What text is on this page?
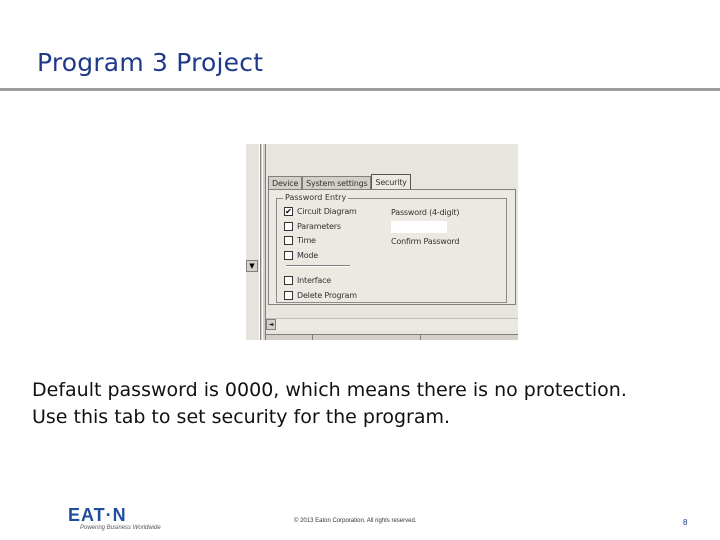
Program 3 Project
▼
Device	System settings	Security
Password Entry
✔ Circuit Diagram
Parameters
Time
Mode
Interface
Delete Program
Password (4-digit)
Confirm Password
◄
Default password is 0000, which means there is no protection.
Use this tab to set security for the program.
EAT·N
Powering Business Worldwide
© 2013 Eaton Corporation. All rights reserved.	8
